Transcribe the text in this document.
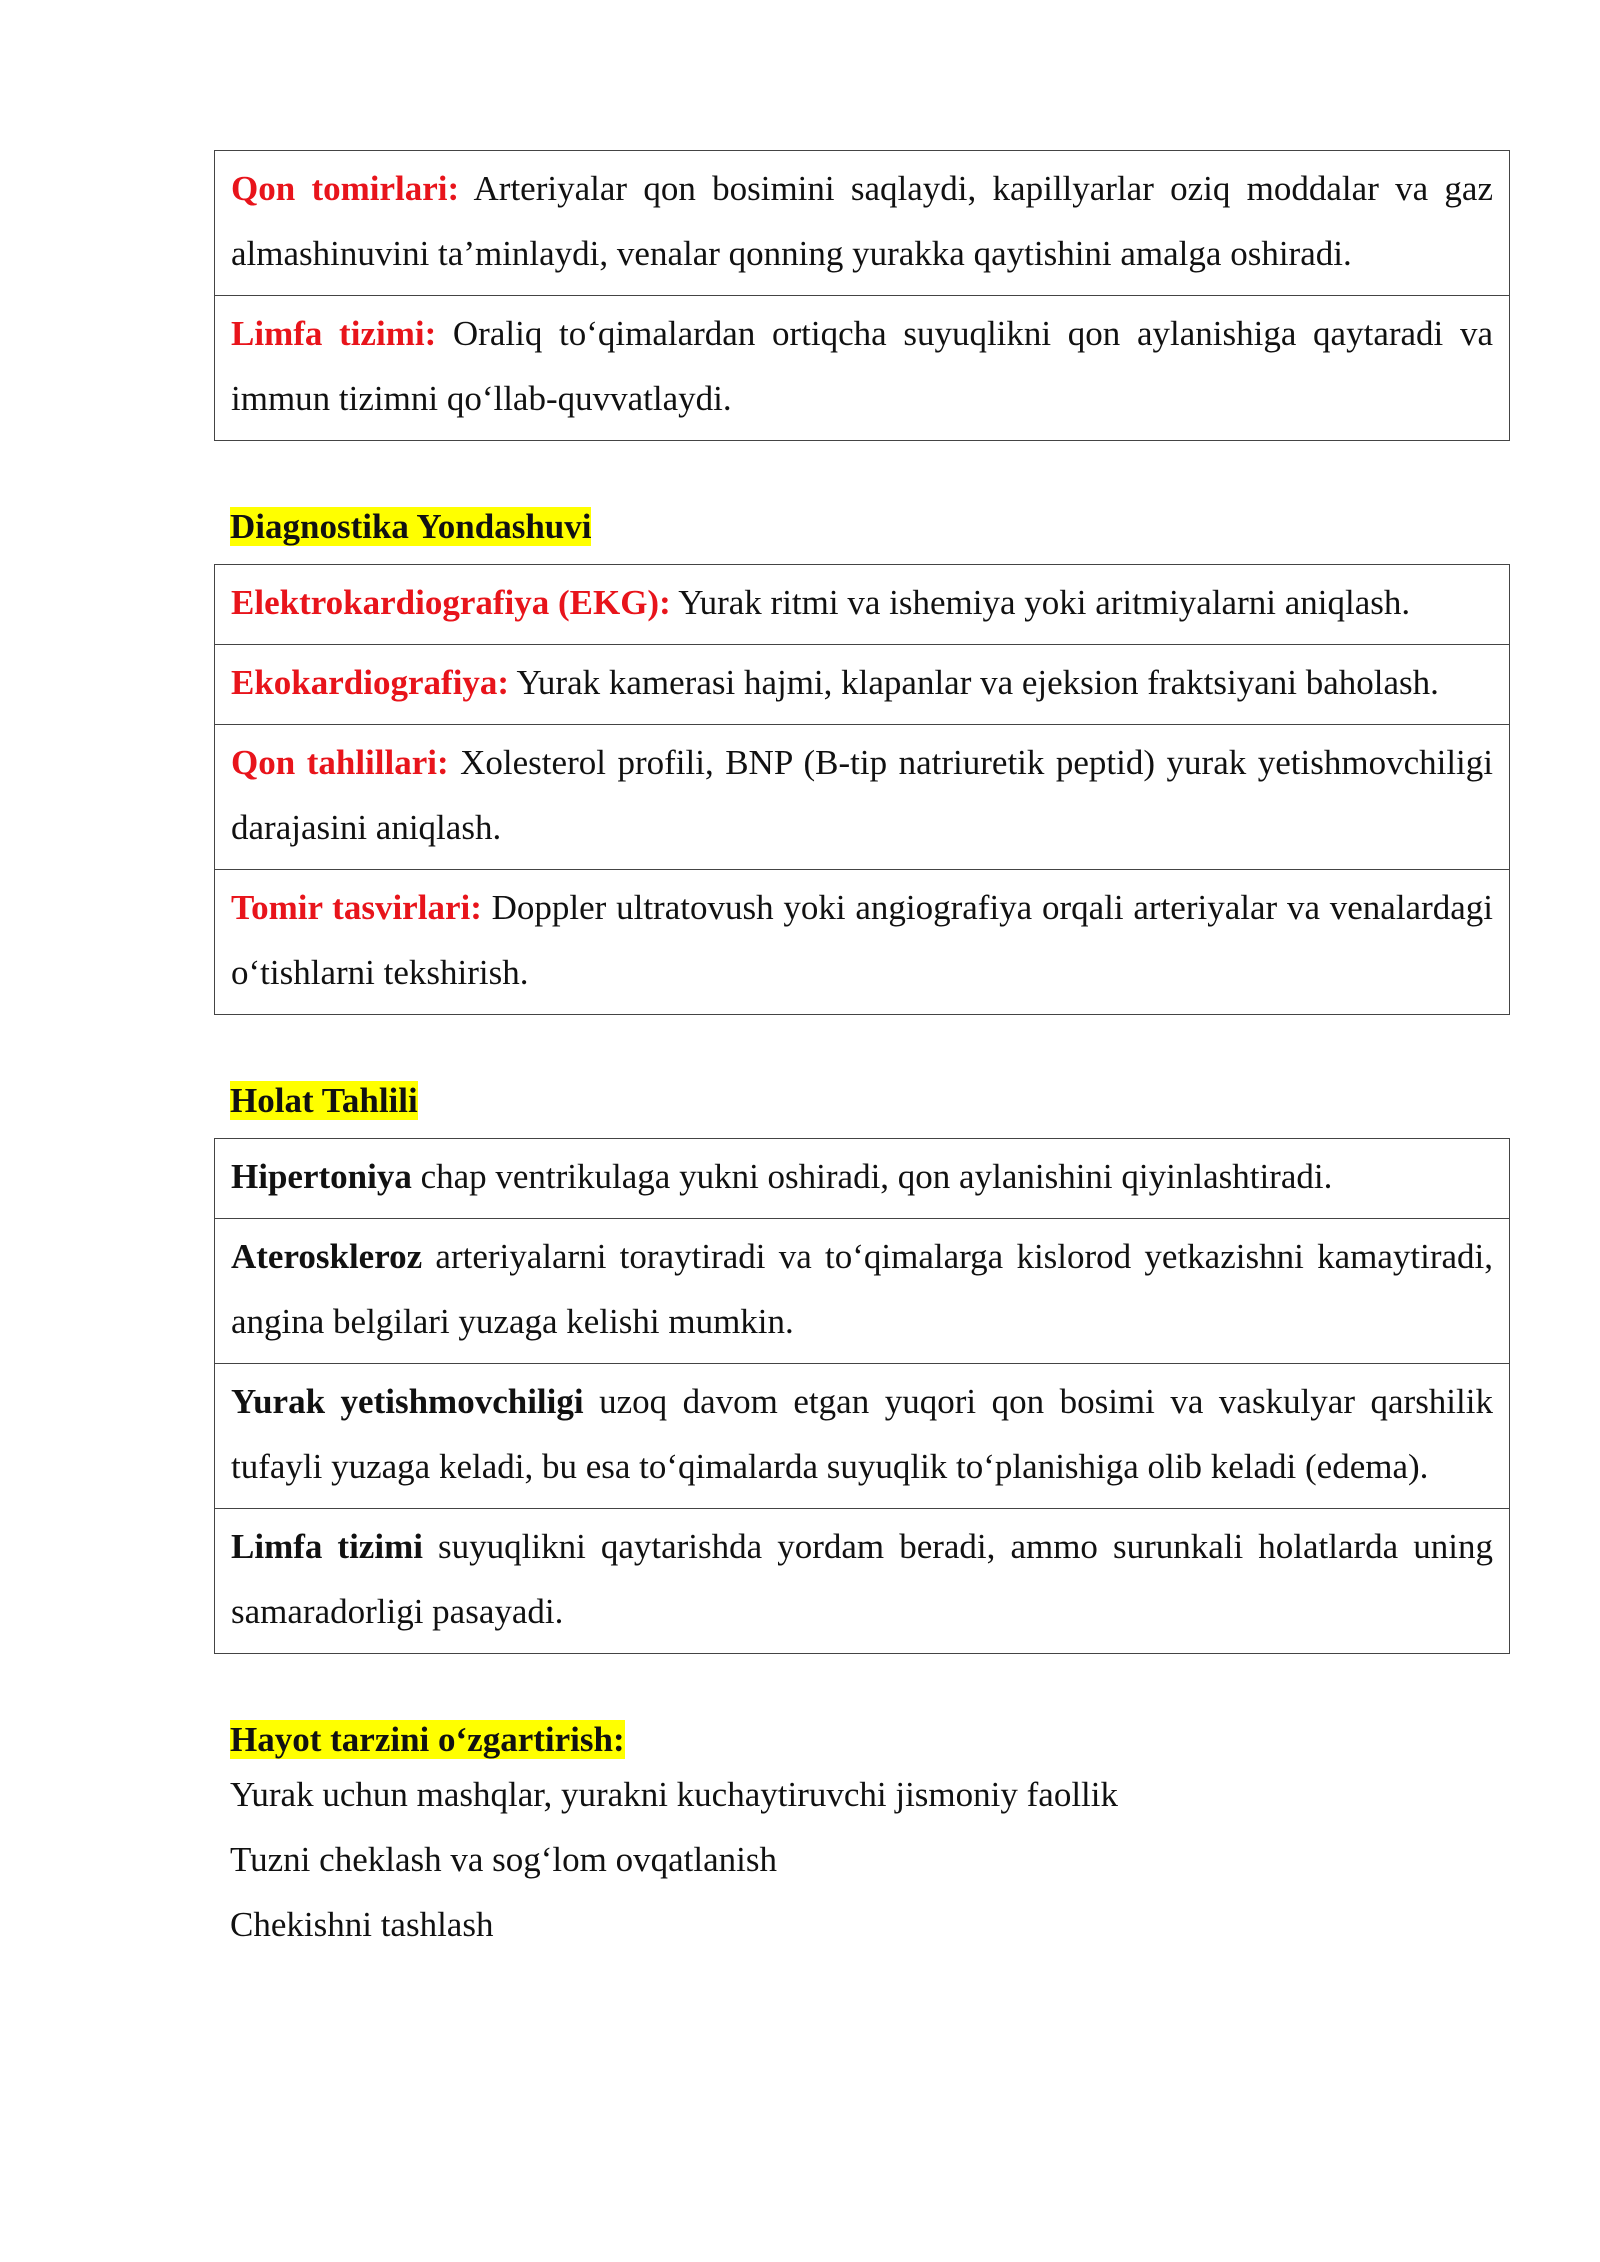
Qon tomirlari: Arteriyalar qon bosimini saqlaydi, kapillyarlar oziq moddalar va gaz almashinuvini ta’minlaydi, venalar qonning yurakka qaytishini amalga oshiradi.
Limfa tizimi: Oraliq to‘qimalardan ortiqcha suyuqlikni qon aylanishiga qaytaradi va immun tizimni qo‘llab-quvvatlaydi.
Diagnostika Yondashuvi
Elektrokardiografiya (EKG): Yurak ritmi va ishemiya yoki aritmiyalarni aniqlash.
Ekokardiografiya: Yurak kamerasi hajmi, klapanlar va ejeksion fraktsiyani baholash.
Qon tahlillari: Xolesterol profili, BNP (B-tip natriuretik peptid) yurak yetishmovchiligi darajasini aniqlash.
Tomir tasvirlari: Doppler ultratovush yoki angiografiya orqali arteriyalar va venalardagi o‘tishlarni tekshirish.
Holat Tahlili
Hipertoniya chap ventrikulaga yukni oshiradi, qon aylanishini qiyinlashtiradi.
Ateroskleroz arteriyalarni toraytiradi va to‘qimalarga kislorod yetkazishni kamaytiradi, angina belgilari yuzaga kelishi mumkin.
Yurak yetishmovchiligi uzoq davom etgan yuqori qon bosimi va vaskulyar qarshilik tufayli yuzaga keladi, bu esa to‘qimalarda suyuqlik to‘planishiga olib keladi (edema).
Limfa tizimi suyuqlikni qaytarishda yordam beradi, ammo surunkali holatlarda uning samaradorligi pasayadi.
Hayot tarzini o‘zgartirish:
Yurak uchun mashqlar, yurakni kuchaytiruvchi jismoniy faollik
Tuzni cheklash va sog‘lom ovqatlanish
Chekishni tashlash
